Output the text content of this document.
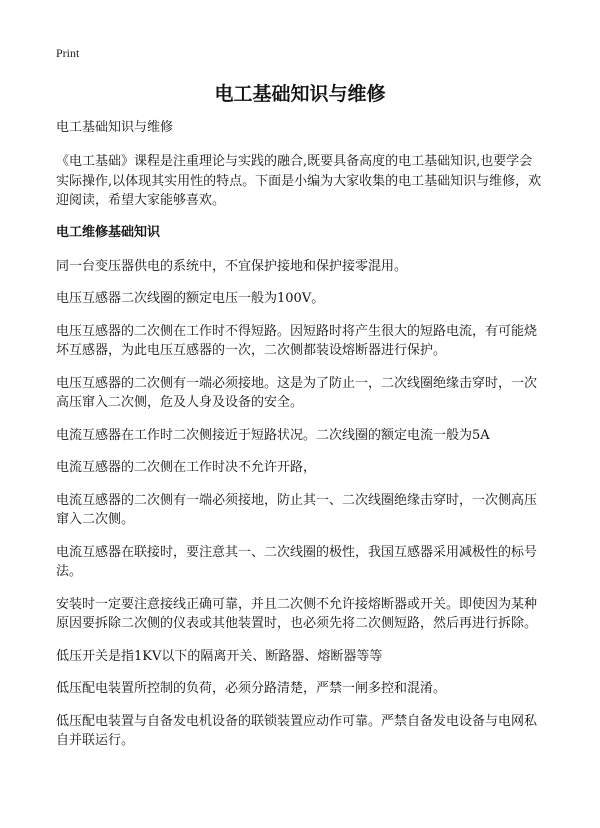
Print
电工基础知识与维修

电工基础知识与维修

《电工基础》课程是注重理论与实践的融合,既要具备高度的电工基础知识,也要学会实际操作,以体现其实用性的特点。下面是小编为大家收集的电工基础知识与维修，欢迎阅读，希望大家能够喜欢。

电工维修基础知识

同一台变压器供电的系统中，不宜保护接地和保护接零混用。

电压互感器二次线圈的额定电压一般为100V。

电压互感器的二次侧在工作时不得短路。因短路时将产生很大的短路电流，有可能烧坏互感器，为此电压互感器的一次，二次侧都装设熔断器进行保护。

电压互感器的二次侧有一端必须接地。这是为了防止一，二次线圈绝缘击穿时，一次高压窜入二次侧，危及人身及设备的安全。

电流互感器在工作时二次侧接近于短路状况。二次线圈的额定电流一般为5A

电流互感器的二次侧在工作时决不允许开路，

电流互感器的二次侧有一端必须接地，防止其一、二次线圈绝缘击穿时，一次侧高压窜入二次侧。

电流互感器在联接时，要注意其一、二次线圈的极性，我国互感器采用减极性的标号法。

安装时一定要注意接线正确可靠，并且二次侧不允许接熔断器或开关。即使因为某种原因要拆除二次侧的仪表或其他装置时，也必须先将二次侧短路，然后再进行拆除。

低压开关是指1KV以下的隔离开关、断路器、熔断器等等

低压配电装置所控制的负荷，必须分路清楚，严禁一闸多控和混淆。

低压配电装置与自备发电机设备的联锁装置应动作可靠。严禁自备发电设备与电网私自并联运行。
